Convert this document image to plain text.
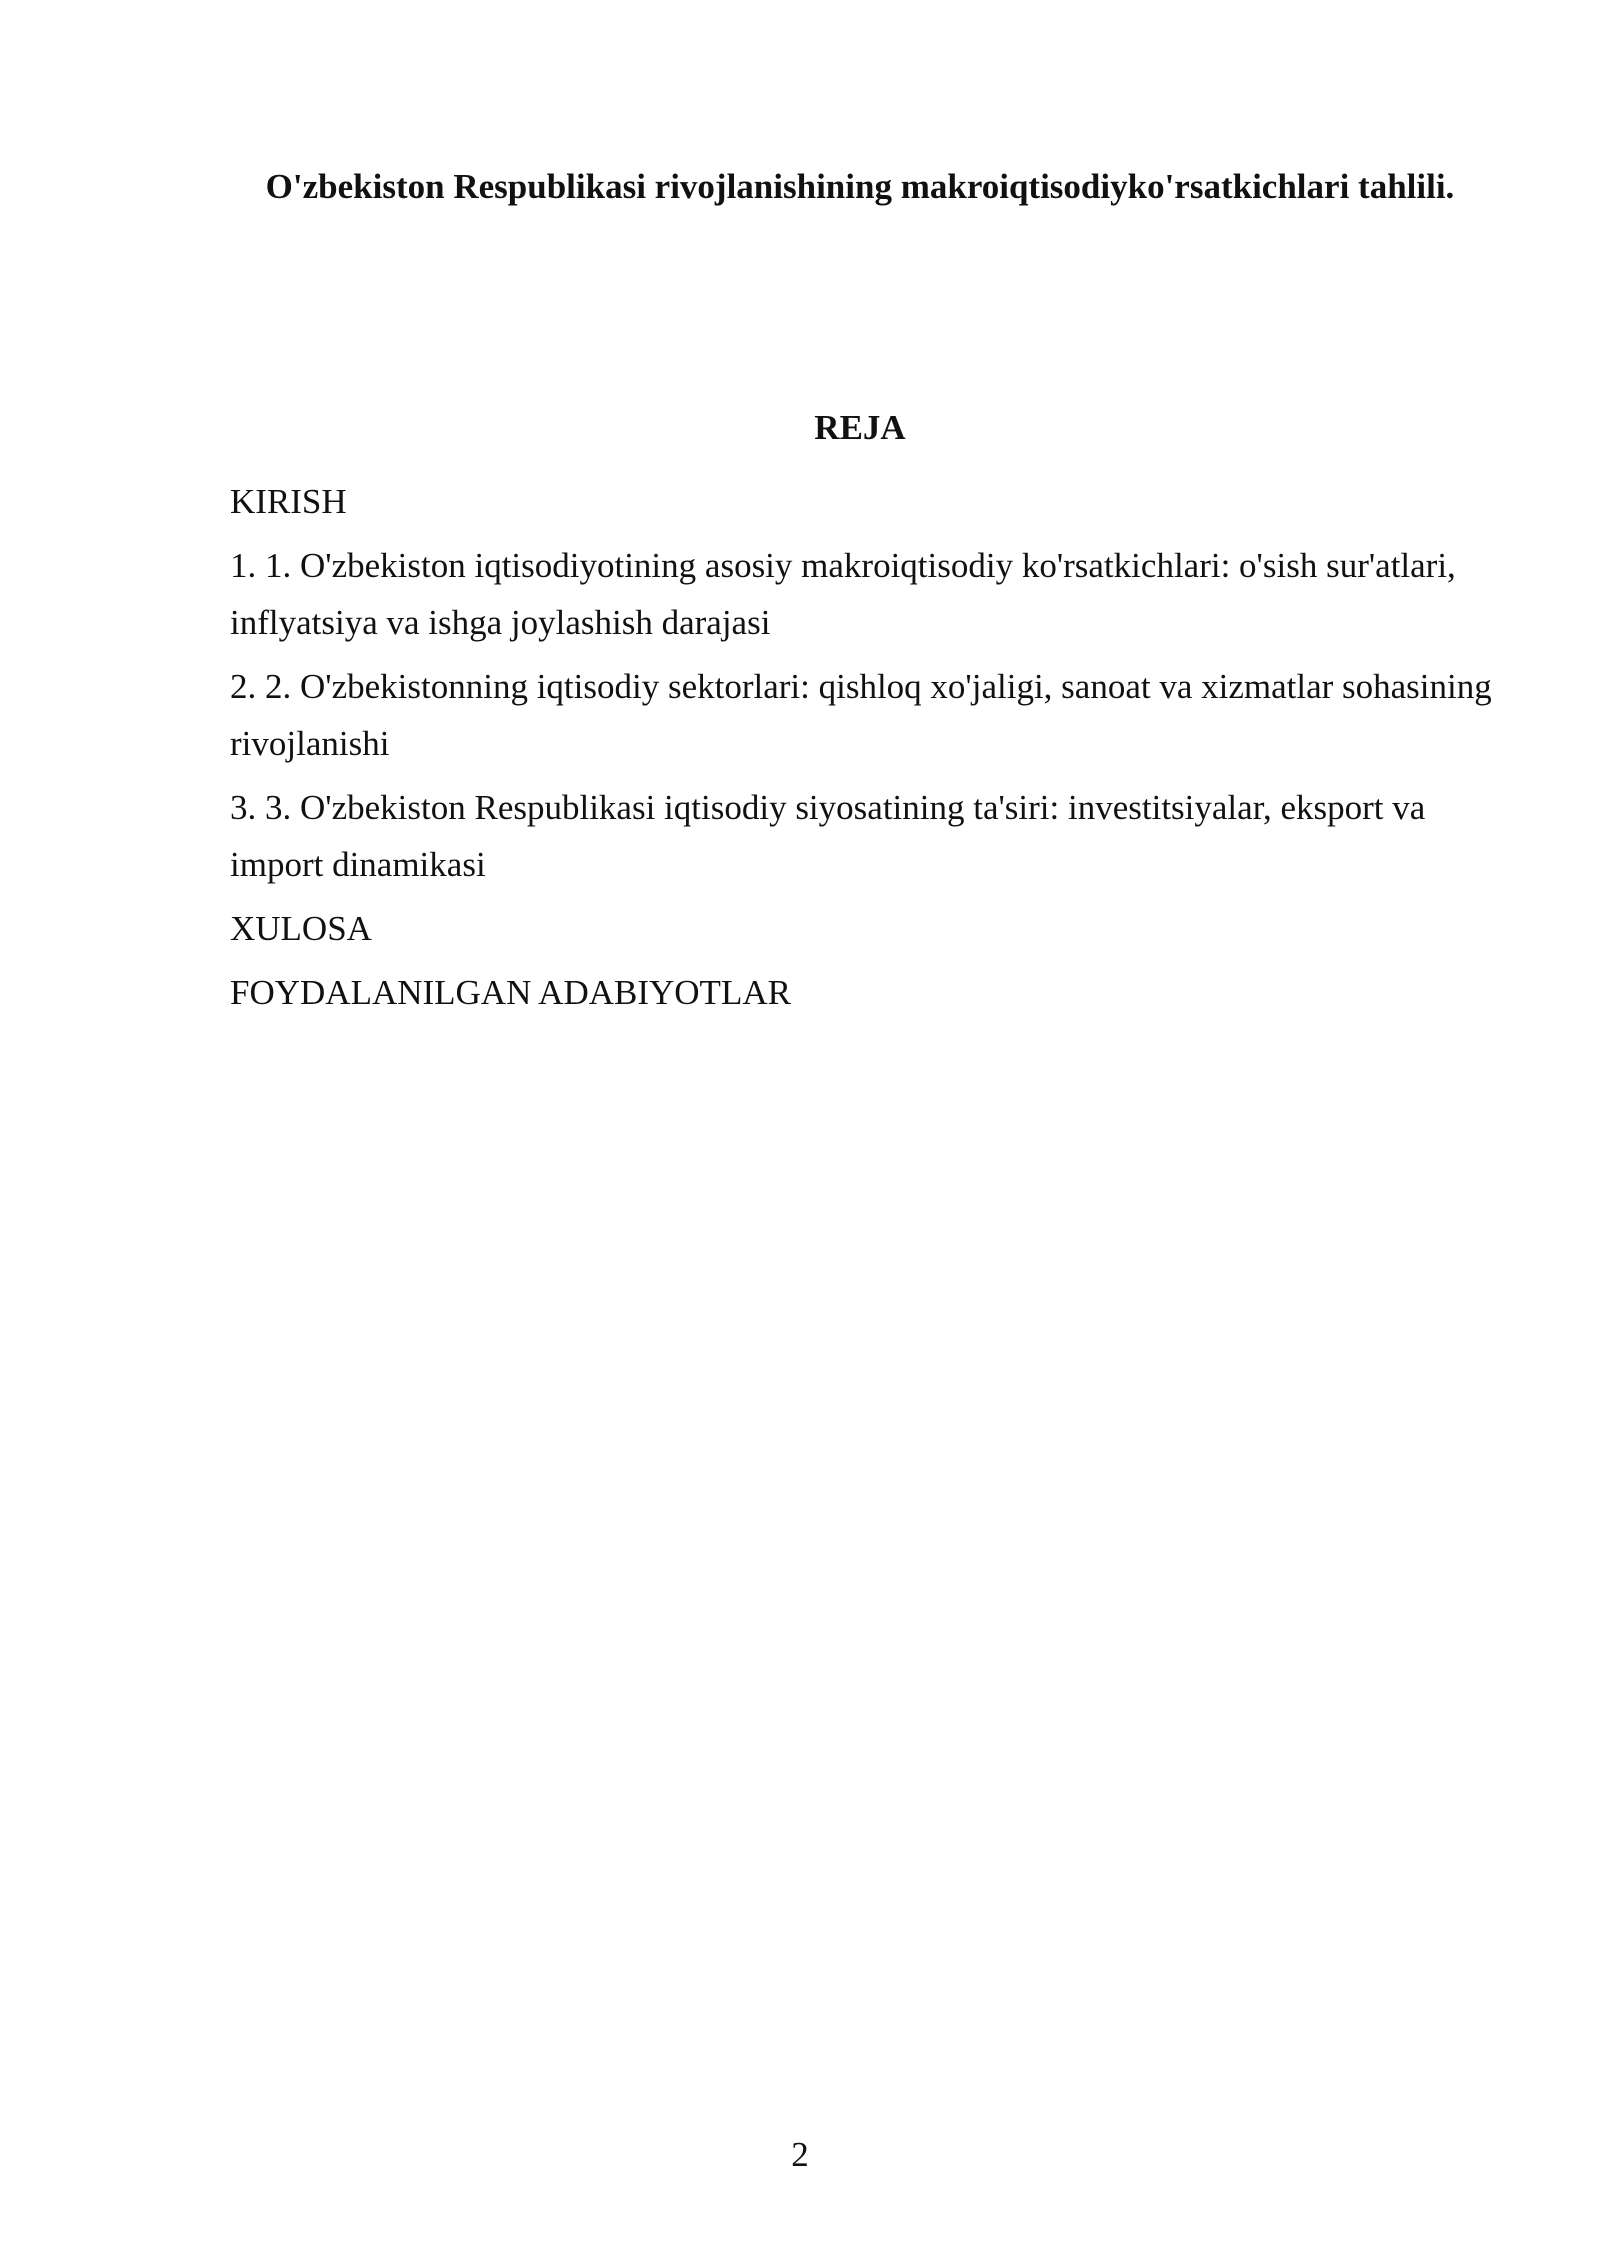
O'zbekiston Respublikasi rivojlanishining makroiqtisodiyko'rsatkichlari tahlili.
REJA
KIRISH
1. 1. O'zbekiston iqtisodiyotining asosiy makroiqtisodiy ko'rsatkichlari: o'sish sur'atlari, inflyatsiya va ishga joylashish darajasi
2. 2. O'zbekistonning iqtisodiy sektorlari: qishloq xo'jaligi, sanoat va xizmatlar sohasining rivojlanishi
3. 3. O'zbekiston Respublikasi iqtisodiy siyosatining ta'siri: investitsiyalar, eksport va import dinamikasi
XULOSA
FOYDALANILGAN ADABIYOTLAR
2
